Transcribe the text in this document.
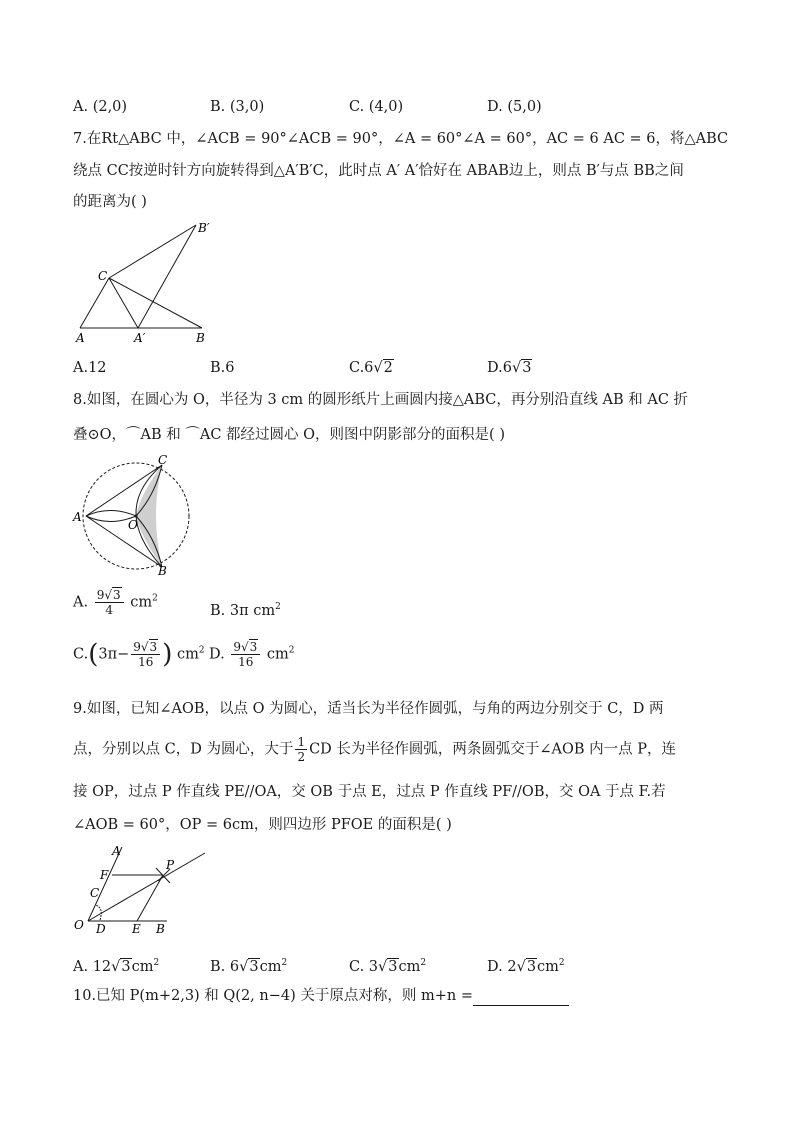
A. (2,0)	B. (3,0)	C. (4,0)	D. (5,0)
7.在Rt△ABC 中，∠ACB = 90°∠ACB = 90°，∠A = 60°∠A = 60°，AC = 6 AC = 6，将△ABC
绕点 CC按逆时针方向旋转得到△A′B′C，此时点 A′ A′恰好在 ABAB边上，则点 B′与点 BB之间
的距离为( )
C
B′
A	A′	B
A.12	B.6	C.6√2	D.6√3
8.如图，在圆心为 O，半径为 3 cm 的圆形纸片上画圆内接△ABC，再分别沿直线 AB 和 AC 折
叠⊙O，⌒AB 和 ⌒AC 都经过圆心 O，则图中阴影部分的面积是( )
C
A
O
B
A. $\frac{9√3}{4} cm^2$
B. 3π $cm^2$
$C.(3\pi- \frac{9√3}{16}$ ) $cm^2$ D. $\frac{9√3}{16} cm^2$
9.如图，已知∠AOB，以点 O 为圆心，适当长为半径作圆弧，与角的两边分别交于 C，D 两
点，分别以点 C，D 为圆心，大于 $\frac{1}{2}$ CD 长为半径作圆弧，两条圆弧交于∠AOB 内一点 P，连
接 OP，过点 P 作直线 PE//OA，交 OB 于点 E，过点 P 作直线 PF//OB，交 OA 于点 F.若
∠AOB = 60°，OP = 6cm，则四边形 PFOE 的面积是( )
A
P
F
C
O D E B
A. $12√3cm^2$	B. $6√3cm^2$	C. $3√3cm^2$	D. $2√3cm^2$
10.已知 P(m+2,3) 和 Q(2, n−4) 关于原点对称，则 m+n =
